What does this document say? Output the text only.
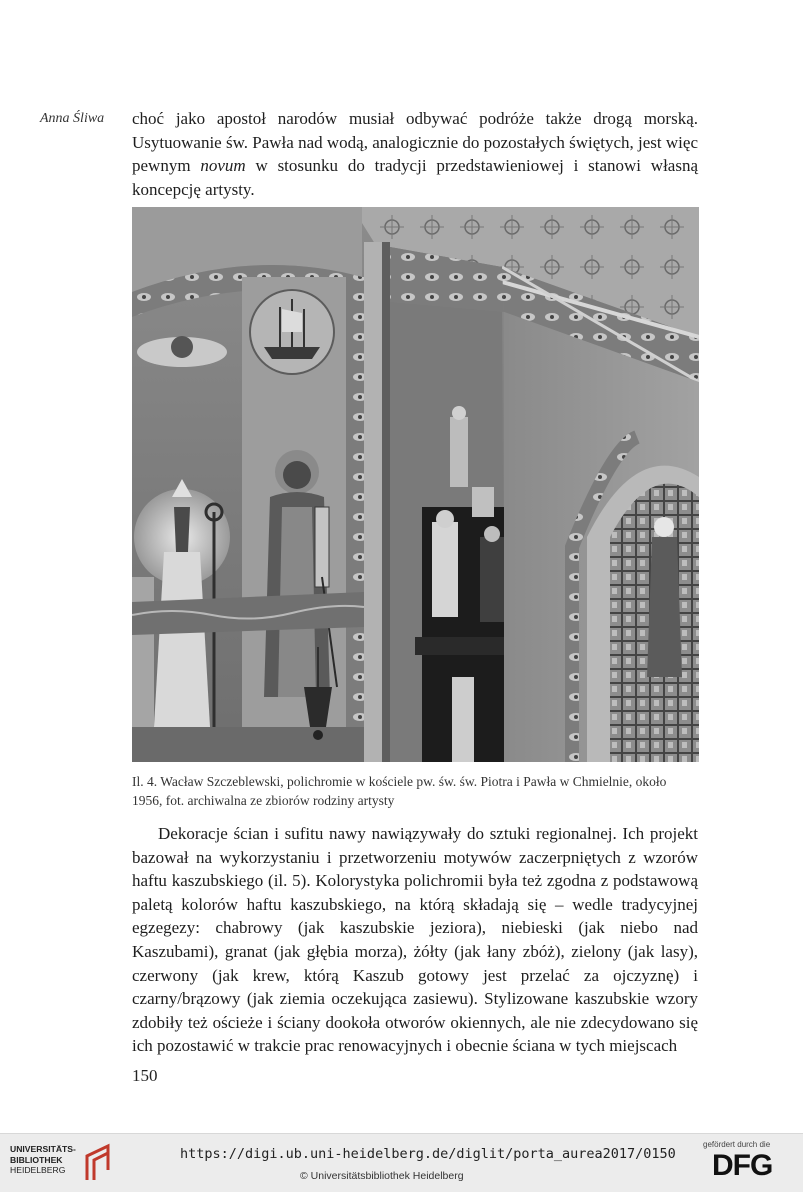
Anna Śliwa choć jako apostoł narodów musiał odbywać podróże także drogą morską. Usytuowanie św. Pawła nad wodą, analogicznie do pozostałych świętych, jest więc pewnym novum w stosunku do tradycji przedstawieniowej i stanowi własną koncepcję artysty.

Il. 4. Wacław Szczeblewski, polichromie w kościele pw. św. św. Piotra i Pawła w Chmielnie, około 1956, fot. archiwalna ze zbiorów rodziny artysty

Dekoracje ścian i sufitu nawy nawiązywały do sztuki regionalnej. Ich projekt bazował na wykorzystaniu i przetworzeniu motywów zaczerpniętych z wzorów haftu kaszubskiego (il. 5). Kolorystyka polichromii była też zgodna z podstawową paletą kolorów haftu kaszubskiego, na którą składają się – wedle tradycyjnej egzegezy: chabrowy (jak kaszubskie jeziora), niebieski (jak niebo nad Kaszubami), granat (jak głębia morza), żółty (jak łany zbóż), zielony (jak lasy), czerwony (jak krew, którą Kaszub gotowy jest przelać za ojczyznę) i czarny/brązowy (jak ziemia oczekująca zasiewu). Stylizowane kaszubskie wzory zdobiły też ościeże i ściany dookoła otworów okiennych, ale nie zdecydowano się ich pozostawić w trakcie prac renowacyjnych i obecnie ściana w tych miejscach

150
UNIVERSITÄTS-
BIBLIOTHEK
HEIDELBERG
https://digi.ub.uni-heidelberg.de/diglit/porta_aurea2017/0150
© Universitätsbibliothek Heidelberg
gefördert durch die
DFG
